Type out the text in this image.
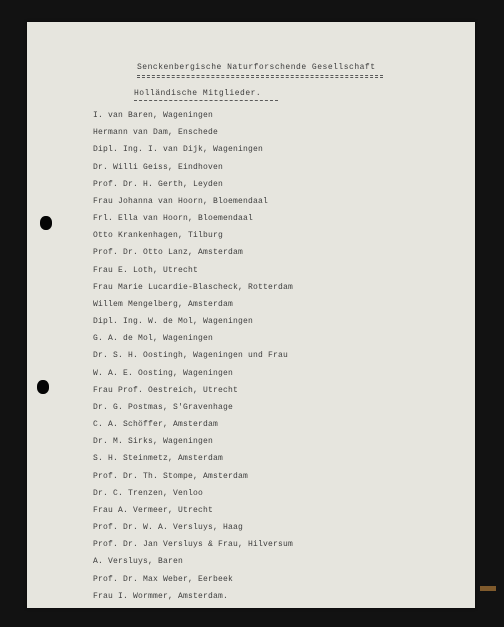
Senckenbergische Naturforschende Gesellschaft
Holländische Mitglieder.
I. van Baren, Wageningen
Hermann van Dam, Enschede
Dipl. Ing. I. van Dijk, Wageningen
Dr. Willi Geiss, Eindhoven
Prof. Dr. H. Gerth, Leyden
Frau Johanna van Hoorn, Bloemendaal
Frl. Ella van Hoorn, Bloemendaal
Otto Krankenhagen, Tilburg
Prof. Dr. Otto Lanz, Amsterdam
Frau E. Loth, Utrecht
Frau Marie Lucardie-Blascheck, Rotterdam
Willem Mengelberg, Amsterdam
Dipl. Ing. W. de Mol, Wageningen
G. A. de Mol, Wageningen
Dr. S. H. Oostingh, Wageningen und Frau
W. A. E. Oosting, Wageningen
Frau Prof. Oestreich, Utrecht
Dr. G. Postmas, S'Gravenhage
C. A. Schöffer, Amsterdam
Dr. M. Sirks, Wageningen
S. H. Steinmetz, Amsterdam
Prof. Dr. Th. Stompe, Amsterdam
Dr. C. Trenzen, Venloo
Frau A. Vermeer, Utrecht
Prof. Dr. W. A. Versluys, Haag
Prof. Dr. Jan Versluys & Frau, Hilversum
A. Versluys, Baren
Prof. Dr. Max Weber, Eerbeek
Frau I. Wormmer, Amsterdam.
